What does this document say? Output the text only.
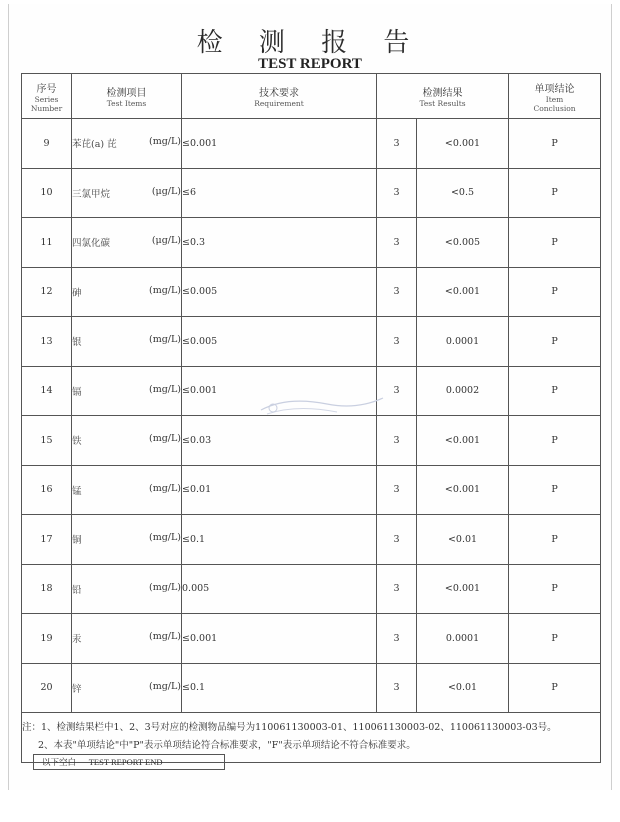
检 测 报 告
TEST REPORT
序号
Series
Number	检测项目
Test Items	技术要求
Requirement	检测结果
Test Results		单项结论
Item
Conclusion

9	苯芘(a) 芘 (mg/L)	≤0.001	3	<0.001	P
10	三氯甲烷 (μg/L)	≤6	3	<0.5	P
11	四氯化碳 (μg/L)	≤0.3	3	<0.005	P
12	砷 (mg/L)	≤0.005	3	<0.001	P
13	银 (mg/L)	≤0.005	3	0.0001	P
14	镉 (mg/L)	≤0.001	3	0.0002	P
15	铁 (mg/L)	≤0.03	3	<0.001	P
16	锰 (mg/L)	≤0.01	3	<0.001	P
17	铜 (mg/L)	≤0.1	3	<0.01	P
18	铅 (mg/L)	0.005	3	<0.001	P
19	汞 (mg/L)	≤0.001	3	0.0001	P
20	锌 (mg/L)	≤0.1	3	<0.01	P

注：1、检测结果栏中1、2、3号对应的检测物品编号为110061130003-01、110061130003-02、110061130003-03号。
2、本表"单项结论"中"P"表示单项结论符合标准要求，"F"表示单项结论不符合标准要求。					
以下空白 TEST REPORT END
